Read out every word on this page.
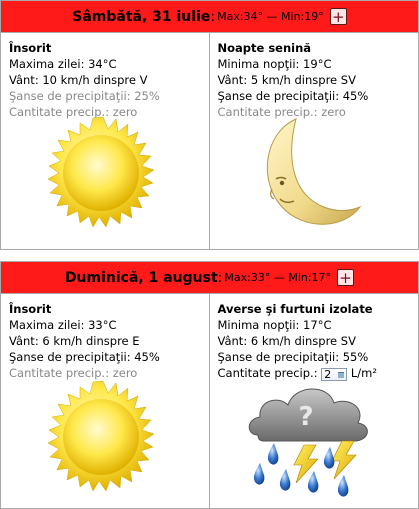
Sâmbătă, 31 iulie : Max:34° — Min:19° +
Însorit
Maxima zilei: 34°C
Vânt: 10 km/h dinspre V
Şanse de precipitaţii: 25%
Cantitate precip.: zero
Noapte senină
Minima nopţii: 19°C
Vânt: 5 km/h dinspre SV
Şanse de precipitaţii: 45%
Cantitate precip.: zero
Duminică, 1 august : Max:33° — Min:17° +
Însorit
Maxima zilei: 33°C
Vânt: 6 km/h dinspre E
Şanse de precipitaţii: 45%
Cantitate precip.: zero
Averse şi furtuni izolate
Minima nopţii: 17°C
Vânt: 6 km/h dinspre SV
Şanse de precipitaţii: 55%
Cantitate precip.: 2 L/m²
?
